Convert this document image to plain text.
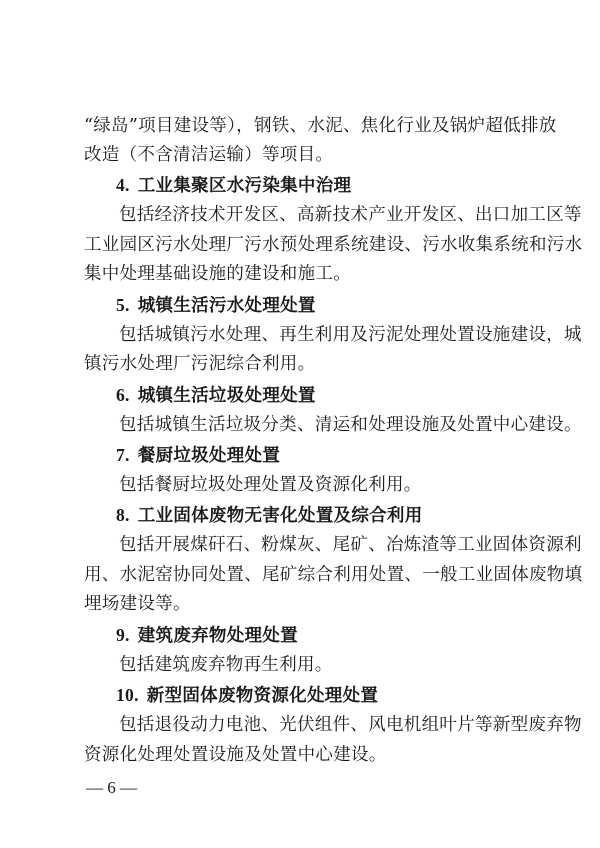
“绿岛”项目建设等），钢铁、水泥、焦化行业及锅炉超低排放
改造（不含清洁运输）等项目。
4. 工业集聚区水污染集中治理
包括经济技术开发区、高新技术产业开发区、出口加工区等
工业园区污水处理厂污水预处理系统建设、污水收集系统和污水
集中处理基础设施的建设和施工。
5. 城镇生活污水处理处置
包括城镇污水处理、再生利用及污泥处理处置设施建设，城
镇污水处理厂污泥综合利用。
6. 城镇生活垃圾处理处置
包括城镇生活垃圾分类、清运和处理设施及处置中心建设。
7. 餐厨垃圾处理处置
包括餐厨垃圾处理处置及资源化利用。
8. 工业固体废物无害化处置及综合利用
包括开展煤矸石、粉煤灰、尾矿、冶炼渣等工业固体资源利
用、水泥窑协同处置、尾矿综合利用处置、一般工业固体废物填
埋场建设等。
9. 建筑废弃物处理处置
包括建筑废弃物再生利用。
10. 新型固体废物资源化处理处置
包括退役动力电池、光伏组件、风电机组叶片等新型废弃物
资源化处理处置设施及处置中心建设。
— 6 —
